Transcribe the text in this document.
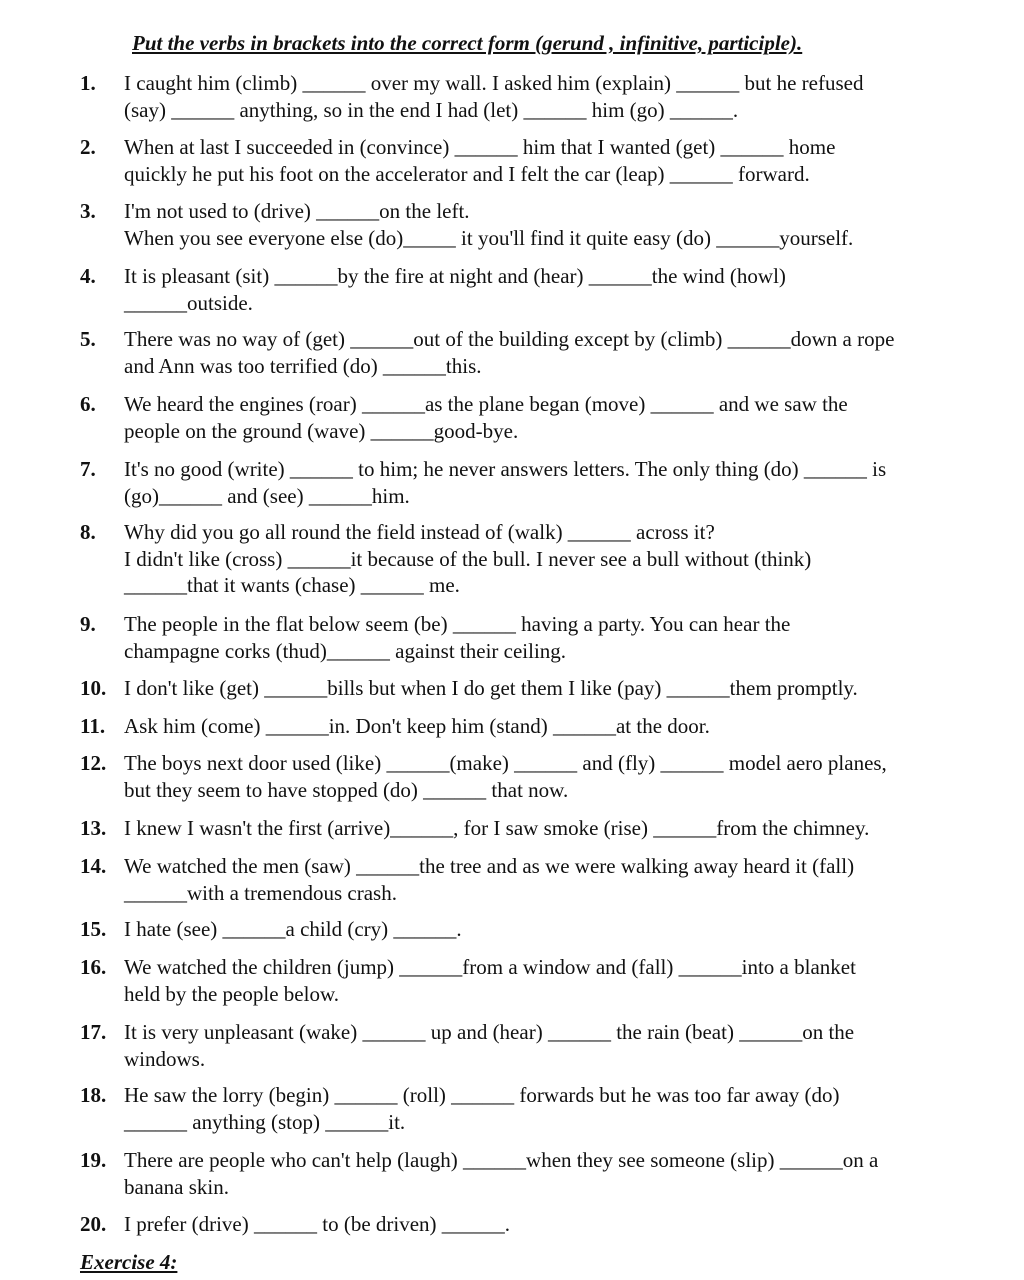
Put the verbs in brackets into the correct form (gerund , infinitive, participle).
1.	I caught him (climb) ______ over my wall. I asked him (explain) ______ but he refused
(say) ______ anything, so in the end I had (let) ______ him (go) ______.
2.	When at last I succeeded in (convince) ______ him that I wanted (get) ______ home
quickly he put his foot on the accelerator and I felt the car (leap) ______ forward.
3.	I'm not used to (drive) ______on the left.
When you see everyone else (do)_____ it you'll find it quite easy (do) ______yourself.
4.	It is pleasant (sit) ______by the fire at night and (hear) ______the wind (howl)
______outside.
5.	There was no way of (get) ______out of the building except by (climb) ______down a rope
and Ann was too terrified (do) ______this.
6.	We heard the engines (roar) ______as the plane began (move) ______ and we saw the
people on the ground (wave) ______good-bye.
7.	It's no good (write) ______ to him; he never answers letters. The only thing (do) ______ is
(go)______ and (see) ______him.
8.	Why did you go all round the field instead of (walk) ______ across it?
I didn't like (cross) ______it because of the bull. I never see a bull without (think)
______that it wants (chase) ______ me.
9.	The people in the flat below seem (be) ______ having a party. You can hear the
champagne corks (thud)______ against their ceiling.
10. I don't like (get) ______bills but when I do get them I like (pay) ______them promptly.
11. Ask him (come) ______in. Don't keep him (stand) ______at the door.
12. The boys next door used (like) ______(make) ______ and (fly) ______ model aero planes,
but they seem to have stopped (do) ______ that now.
13. I knew I wasn't the first (arrive)______, for I saw smoke (rise) ______from the chimney.
14. We watched the men (saw) ______the tree and as we were walking away heard it (fall)
______with a tremendous crash.
15. I hate (see) ______a child (cry) ______.
16. We watched the children (jump) ______from a window and (fall) ______into a blanket
held by the people below.
17. It is very unpleasant (wake) ______ up and (hear) ______ the rain (beat) ______on the
windows.
18. He saw the lorry (begin) ______ (roll) ______ forwards but he was too far away (do)
______ anything (stop) ______it.
19. There are people who can't help (laugh) ______when they see someone (slip) ______on a
banana skin.
20. I prefer (drive) ______ to (be driven) ______.
Exercise 4:
